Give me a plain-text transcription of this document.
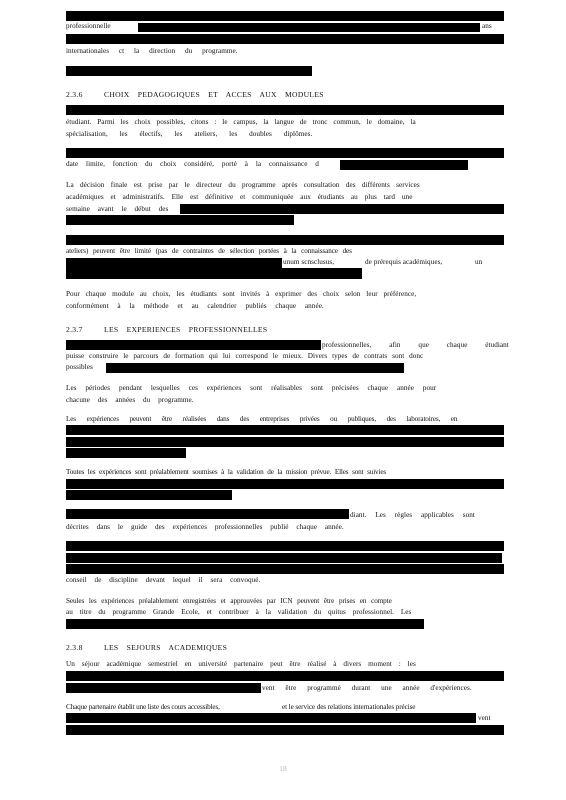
professionnelle	ans
internationales ct la direction du programme.
2.3.6	CHOIX PEDAGOGIQUES ET ACCES AUX MODULES
étudiant. Parmi les choix possibles, citons : le campus, la langue de tronc commun, le domaine, la
spécialisation, les électifs, les ateliers, les doubles diplômes.
date limite, fonction du choix considéré, porté à la connaissance d
La décision finale est prise par le directeur du programme après consultation des différents services
académiques et administratifs. Elle est définitive et communiquée aux étudiants au plus tard une
semaine avant le début des
ateliers) peuvent être limité (pas de contraintes de sélection portées à la connaissance des
unum scnsclusus,	de prérequis académiques,	un
Pour chaque module au choix, les étudiants sont invités à exprimer des choix selon leur préférence,
conformément à la méthode et au calendrier publiés chaque année.
2.3.7	LES EXPERIENCES PROFESSIONNELLES
professionnelles, afin que chaque étudiant
puisse construire le parcours de formation qui lui correspond le mieux. Divers types de contrats sont donc
possibles
Les périodes pendant lesquelles ces expériences sont réalisables sont précisées chaque année pour
chacune des années du programme.
Les expériences peuvent être réalisées dans des entreprises privées ou publiques, des laboratoires, en
Toutes les expériences sont préalablement soumises à la validation de la mission prévue. Elles sont suivies
diant. Les règles applicables sont
décrites dans le guide des expériences professionnelles publié chaque année.
conseil de discipline devant lequel il sera convoqué.
Seules les expériences préalablement enregistrées et approuvées par ICN peuvent être prises en compte
au titre du programme Grande Ecole, et contribuer à la validation du quitus professionnel. Les
2.3.8	LES SEJOURS ACADEMIQUES
Un séjour académique semestriel en université partenaire peut être réalisé à divers moment : les
vent être programmé durant une année d'expériences.
Chaque partenaire établit une liste des cours accessibles,	et le service des relations internationales précise
vent
18
